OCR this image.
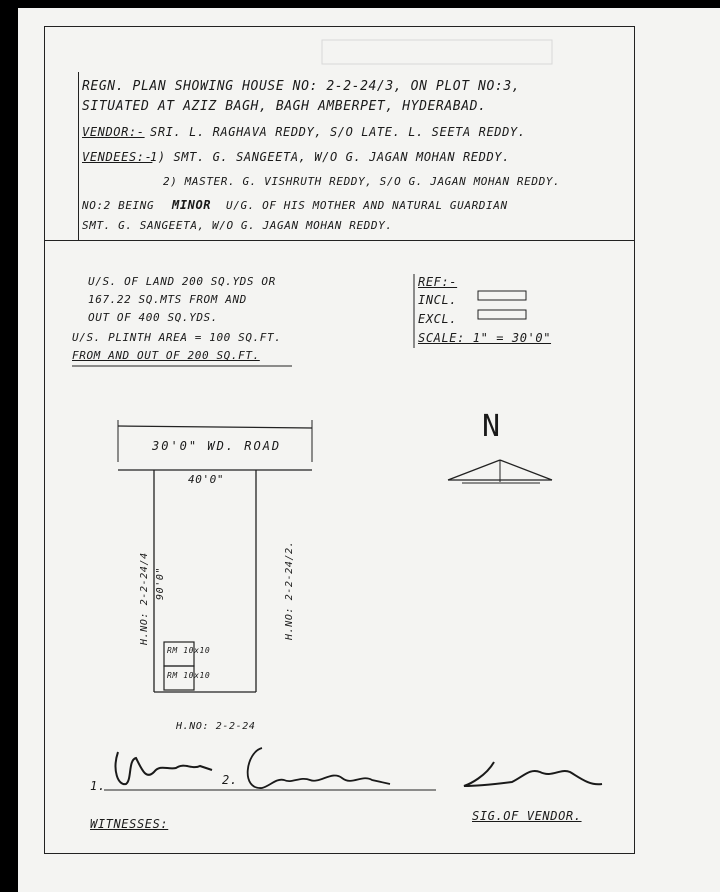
REGN. PLAN SHOWING HOUSE NO: 2-2-24/3, ON PLOT NO:3,
SITUATED AT AZIZ BAGH, BAGH AMBERPET, HYDERABAD.
VENDOR:- SRI. L. RAGHAVA REDDY, S/O LATE. L. SEETA REDDY.
VENDEES:-
1) SMT. G. SANGEETA, W/O G. JAGAN MOHAN REDDY.
2) MASTER. G. VISHRUTH REDDY, S/O G. JAGAN MOHAN REDDY.
NO:2 BEING MINOR U/G. OF HIS MOTHER AND NATURAL GUARDIAN
SMT. G. SANGEETA, W/O G. JAGAN MOHAN REDDY.
U/S. OF LAND 200 SQ.YDS OR
167.22 SQ.MTS FROM AND
OUT OF 400 SQ.YDS.
U/S. PLINTH AREA = 100 SQ.FT.
FROM AND OUT OF 200 SQ.FT.
REF:-
INCL.
EXCL.
SCALE: 1" = 30'0"
N
30'0" WD. ROAD
40'0"
H.NO: 2-2-24/4 90'0"	H.NO: 2-2-24/2.
H.NO: 2-2-24
RM 10x10
RM 10x10
1.	2.
WITNESSES:
SIG.OF VENDOR.
